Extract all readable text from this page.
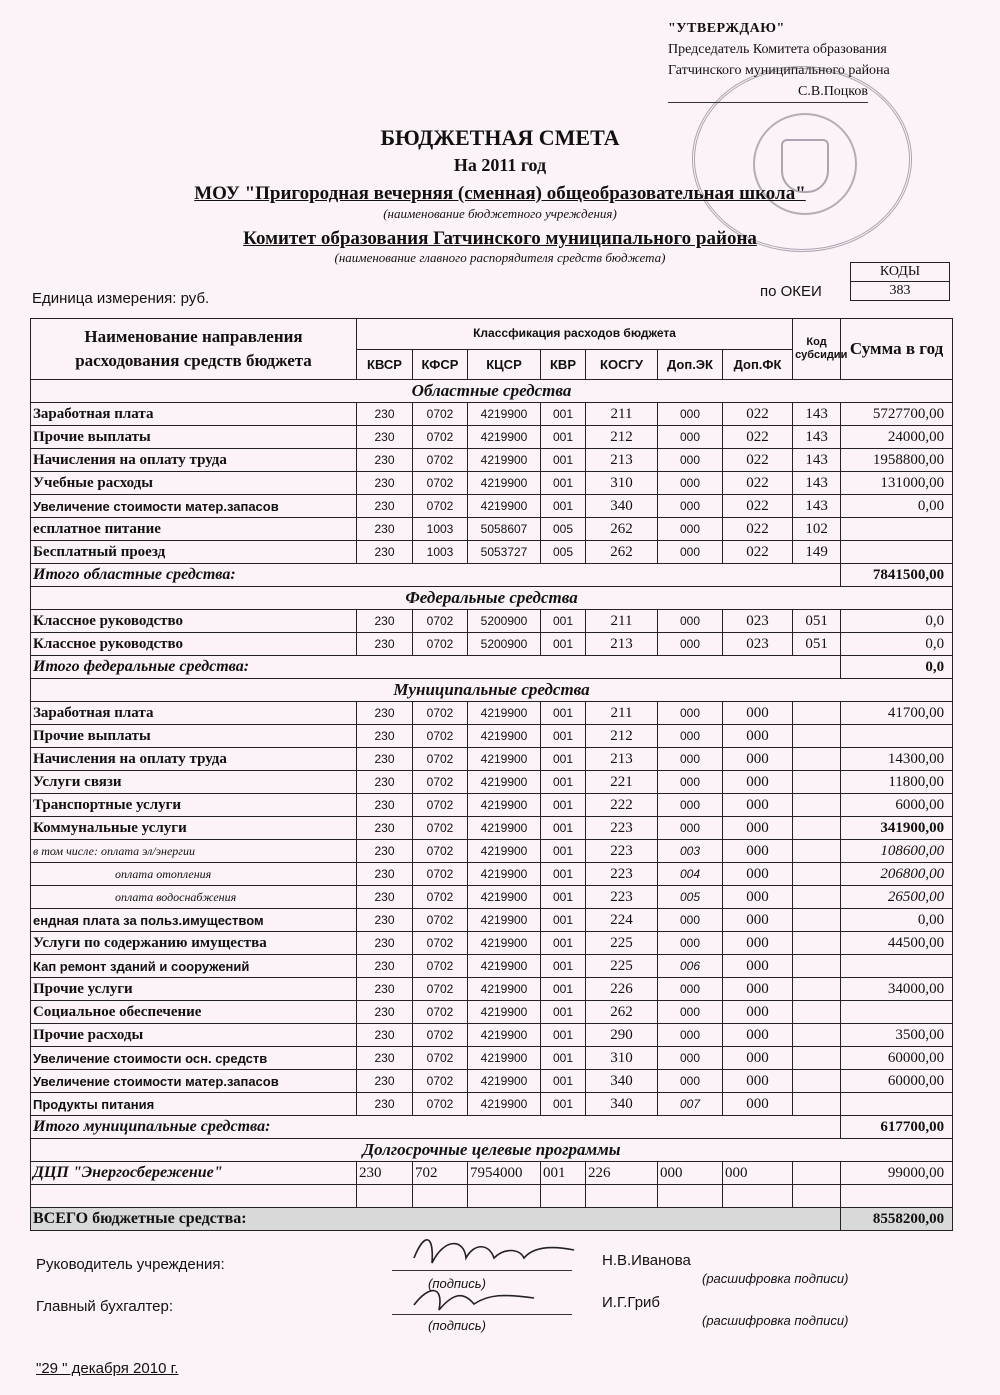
"УТВЕРЖДАЮ"
Председатель Комитета образования
Гатчинского муниципального района
С.В.Поцков
БЮДЖЕТНАЯ СМЕТА
На 2011 год
МОУ "Пригородная вечерняя (сменная) общеобразовательная школа"
(наименование бюджетного учреждения)
Комитет образования Гатчинского муниципального района
(наименование главного распорядителя средств бюджета)
Единица измерения: руб.	по ОКЕИ
КОДЫ
383
Наименование направления расходования средств бюджета	Классфикация расходов бюджета							Код субсидии	Сумма в год
	КВСР	КФСР	КЦСР	КВР	КОСГУ	Доп.ЭК	Доп.ФК		
Областные средства									
Заработная плата	230	0702	4219900	001	211	000	022	143	5727700,00
Прочие выплаты	230	0702	4219900	001	212	000	022	143	24000,00
Начисления на оплату труда	230	0702	4219900	001	213	000	022	143	1958800,00
Учебные расходы	230	0702	4219900	001	310	000	022	143	131000,00
Увеличение стоимости матер.запасов	230	0702	4219900	001	340	000	022	143	0,00
есплатное питание	230	1003	5058607	005	262	000	022	102	
Бесплатный проезд	230	1003	5053727	005	262	000	022	149	
Итого областные средства:									7841500,00
Федеральные средства									
Классное руководство	230	0702	5200900	001	211	000	023	051	0,0
Классное руководство	230	0702	5200900	001	213	000	023	051	0,0
Итого федеральные средства:									0,0
Муниципальные средства									
Заработная плата	230	0702	4219900	001	211	000	000		41700,00
Прочие выплаты	230	0702	4219900	001	212	000	000		
Начисления на оплату труда	230	0702	4219900	001	213	000	000		14300,00
Услуги связи	230	0702	4219900	001	221	000	000		11800,00
Транспортные услуги	230	0702	4219900	001	222	000	000		6000,00
Коммунальные услуги	230	0702	4219900	001	223	000	000		341900,00
в том числе: оплата эл/энергии	230	0702	4219900	001	223	003	000		108600,00
оплата отопления	230	0702	4219900	001	223	004	000		206800,00
оплата водоснабжения	230	0702	4219900	001	223	005	000		26500,00
ендная плата за польз.имуществом	230	0702	4219900	001	224	000	000		0,00
Услуги по содержанию имущества	230	0702	4219900	001	225	000	000		44500,00
Кап ремонт зданий и сооружений	230	0702	4219900	001	225	006	000		
Прочие услуги	230	0702	4219900	001	226	000	000		34000,00
Социальное обеспечение	230	0702	4219900	001	262	000	000		
Прочие расходы	230	0702	4219900	001	290	000	000		3500,00
Увеличение стоимости осн. средств	230	0702	4219900	001	310	000	000		60000,00
Увеличение стоимости матер.запасов	230	0702	4219900	001	340	000	000		60000,00
Продукты питания	230	0702	4219900	001	340	007	000		
Итого муниципальные средства:									617700,00
Долгосрочные целевые программы									
ДЦП "Энергосбережение"	230	702	7954000	001	226	000	000		99000,00

ВСЕГО бюджетные средства:									8558200,00
Руководитель учреждения:
(подпись)
Н.В.Иванова
(расшифровка подписи)
Главный бухгалтер:
(подпись)
И.Г.Гриб
(расшифровка подписи)
"29 " декабря 2010 г.
